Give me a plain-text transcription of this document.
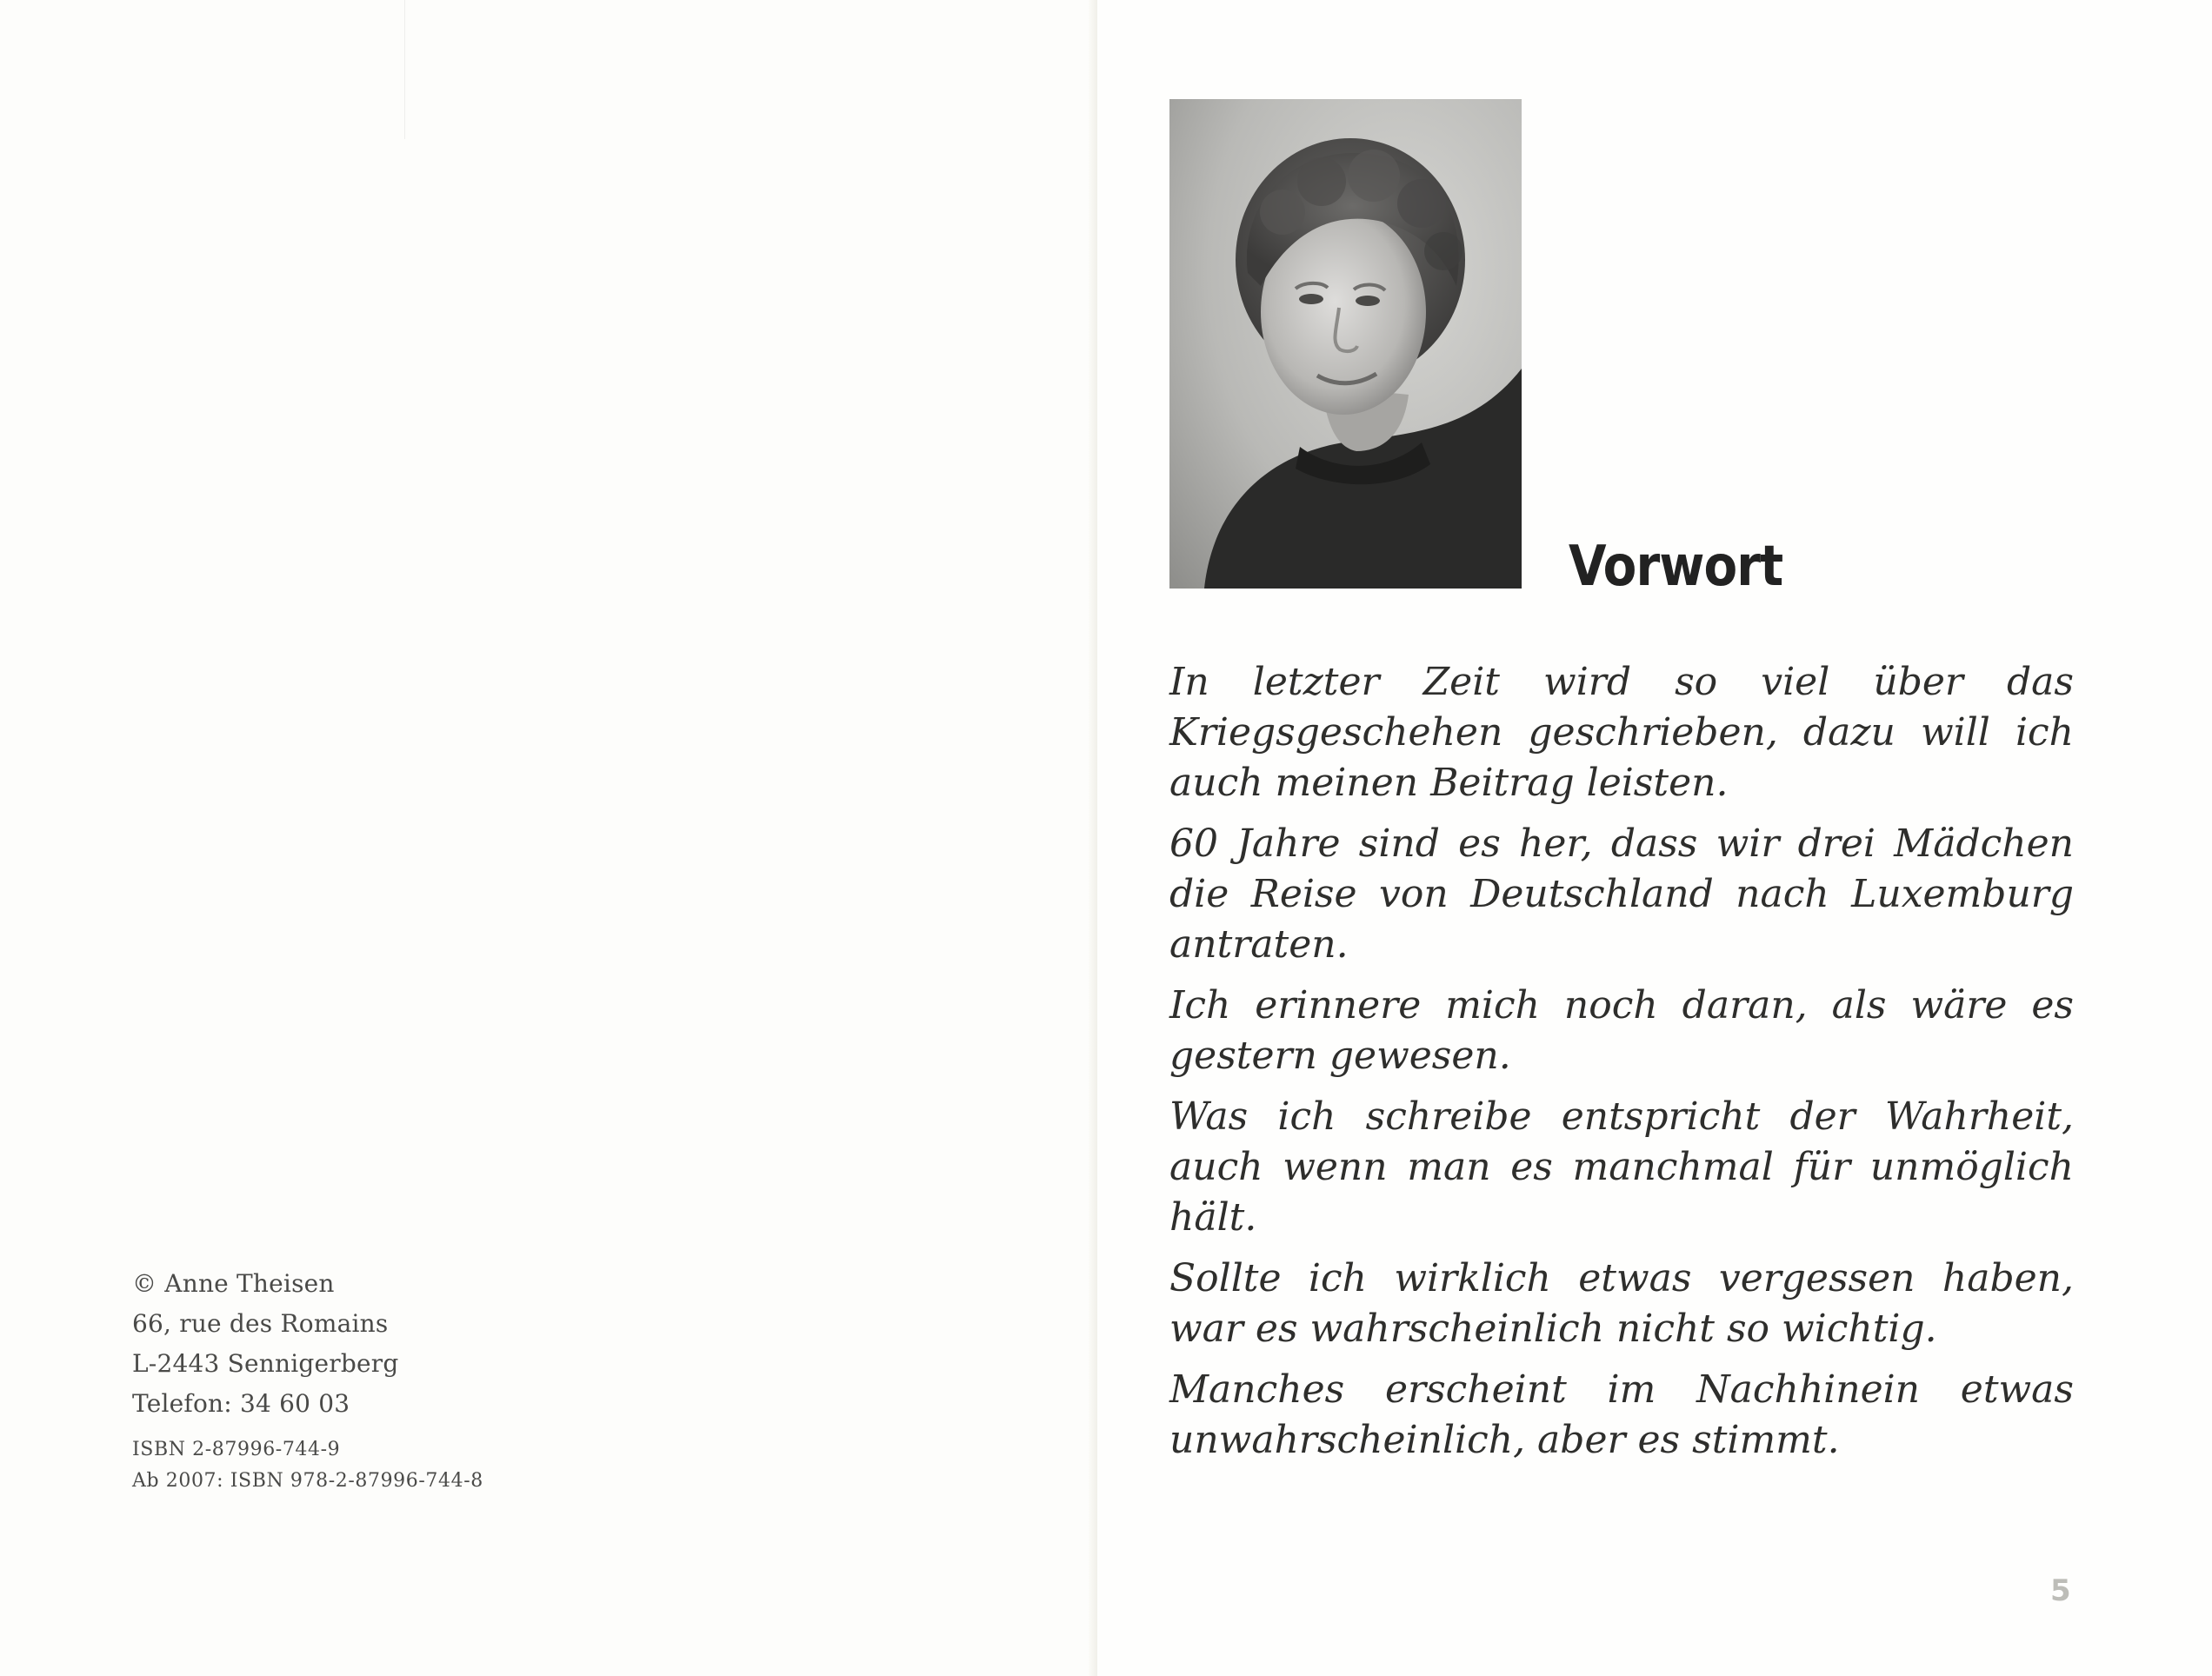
© Anne Theisen
66, rue des Romains
L-2443 Sennigerberg
Telefon: 34 60 03
ISBN 2-87996-744-9
Ab 2007: ISBN 978-2-87996-744-8
Vorwort

In letzter Zeit wird so viel über das Kriegsgeschehen geschrieben, dazu will ich auch meinen Beitrag leisten.

60 Jahre sind es her, dass wir drei Mädchen die Reise von Deutschland nach Luxemburg antraten.

Ich erinnere mich noch daran, als wäre es gestern gewesen.

Was ich schreibe entspricht der Wahrheit, auch wenn man es manchmal für unmöglich hält.

Sollte ich wirklich etwas vergessen haben, war es wahrscheinlich nicht so wichtig.

Manches erscheint im Nachhinein etwas unwahrscheinlich, aber es stimmt.

5
